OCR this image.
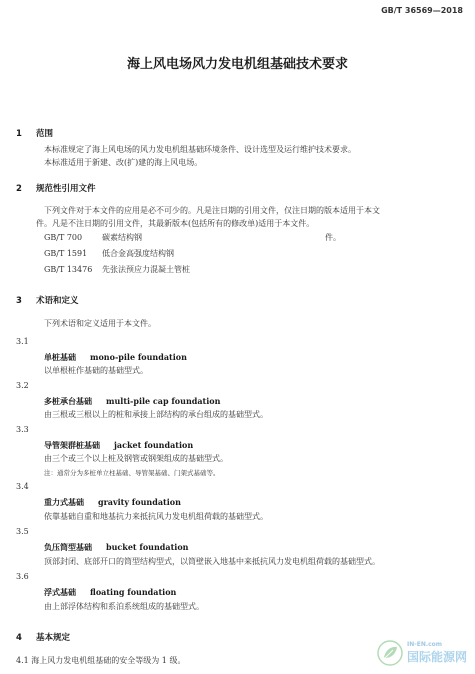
GB/T 36569—2018
海上风电场风力发电机组基础技术要求
1 范围
本标准规定了海上风电场的风力发电机组基础环境条件、设计选型及运行维护技术要求。
本标准适用于新建、改(扩)建的海上风电场。
2 规范性引用文件
下列文件对于本文件的应用是必不可少的。凡是注日期的引用文件，仅注日期的版本适用于本文
件。凡是不注日期的引用文件，其最新版本(包括所有的修改单)适用于本文件。
GB/T 700 碳素结构钢	件。
GB/T 1591 低合金高强度结构钢
GB/T 13476 先张法预应力混凝土管桩
3 术语和定义
下列术语和定义适用于本文件。
3.1
单桩基础 mono-pile foundation
以单根桩作基础的基础型式。
3.2
多桩承台基础 multi-pile cap foundation
由三根或三根以上的桩和承接上部结构的承台组成的基础型式。
3.3
导管架群桩基础 jacket foundation
由三个或三个以上桩及钢管或钢架组成的基础型式。
注：通常分为多桩单立柱基础、导管架基础、门架式基础等。
3.4
重力式基础 gravity foundation
依靠基础自重和地基抗力来抵抗风力发电机组荷载的基础型式。
3.5
负压筒型基础 bucket foundation
顶部封闭、底部开口的筒型结构型式，以筒壁嵌入地基中来抵抗风力发电机组荷载的基础型式。
3.6
浮式基础 floating foundation
由上部浮体结构和系泊系统组成的基础型式。
4 基本规定
4.1 海上风力发电机组基础的安全等级为 1 级。
IN-EN.com
国际能源网
